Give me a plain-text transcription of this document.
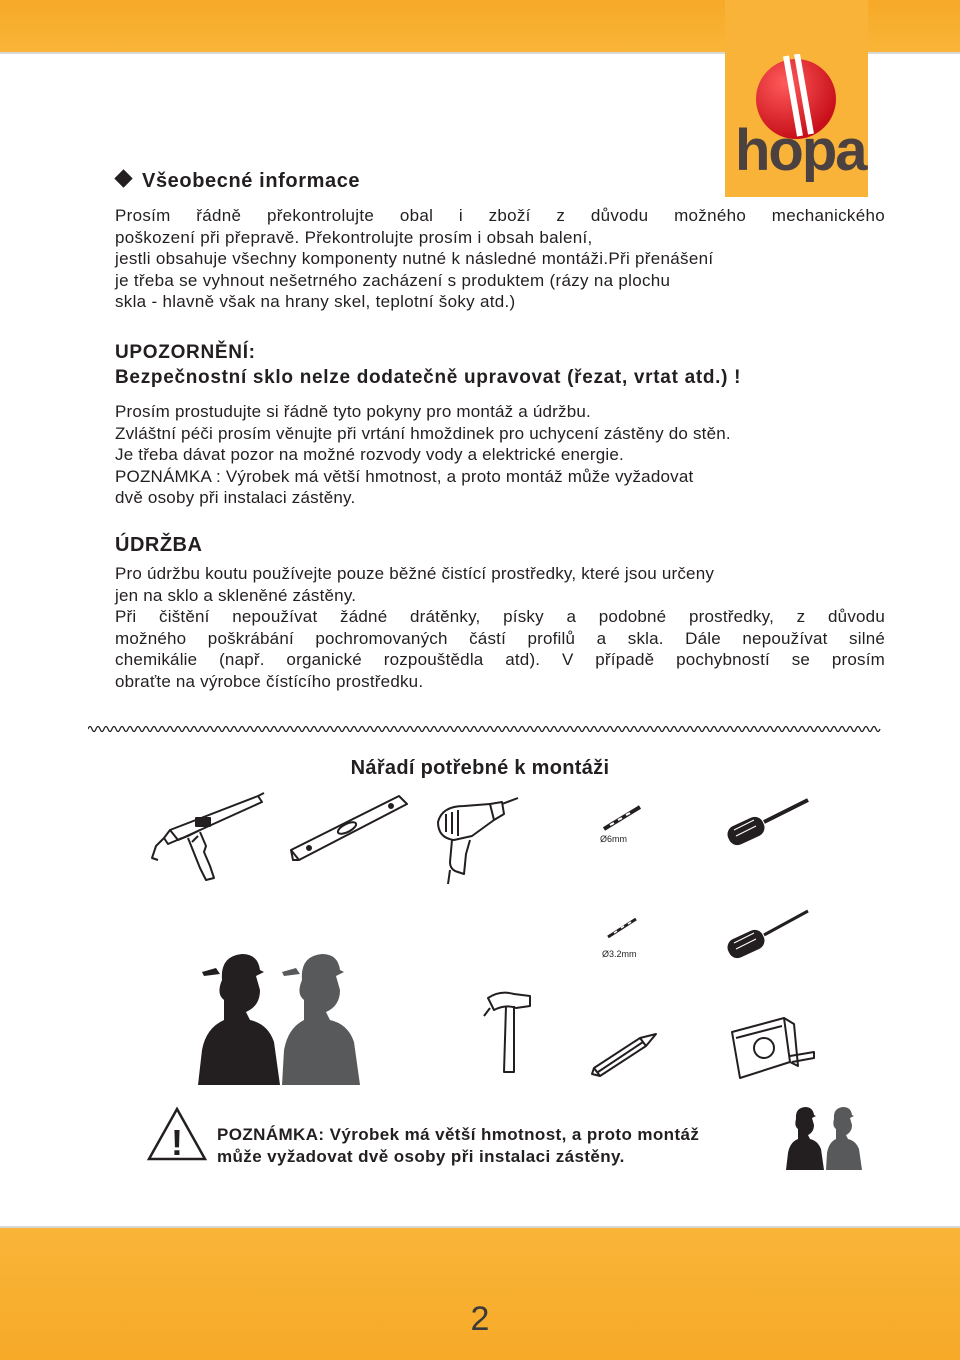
hopa
Všeobecné informace
Prosím řádně překontrolujte obal i zboží z důvodu možného mechanického
poškození při přepravě. Překontrolujte prosím i obsah balení,
jestli obsahuje všechny komponenty nutné k následné montáži.Při přenášení
je třeba se vyhnout nešetrného zacházení s produktem (rázy na plochu
skla - hlavně však na hrany skel, teplotní šoky atd.)
UPOZORNĚNÍ:
Bezpečnostní sklo nelze dodatečně upravovat (řezat, vrtat atd.) !
Prosím prostudujte si řádně tyto pokyny pro montáž a údržbu.
Zvláštní péči prosím věnujte při vrtání hmoždinek pro uchycení zástěny do stěn.
Je třeba dávat pozor na možné rozvody vody a elektrické energie.
POZNÁMKA : Výrobek má větší hmotnost, a proto montáž může vyžadovat
dvě osoby při instalaci zástěny.
ÚDRŽBA
Pro údržbu koutu používejte pouze běžné čistící prostředky, které jsou určeny
jen na sklo a skleněné zástěny.
Při čištění nepoužívat žádné drátěnky, písky a podobné prostředky, z důvodu
možného poškrábání pochromovaných částí profilů a skla. Dále nepoužívat silné
chemikálie (např. organické rozpouštědla atd). V případě pochybností se prosím
obraťte na výrobce čístícího prostředku.
Nářadí potřebné k montáži
Ø6mm
Ø3.2mm
! POZNÁMKA: Výrobek má větší hmotnost, a proto montáž
může vyžadovat dvě osoby při instalaci zástěny.
2
